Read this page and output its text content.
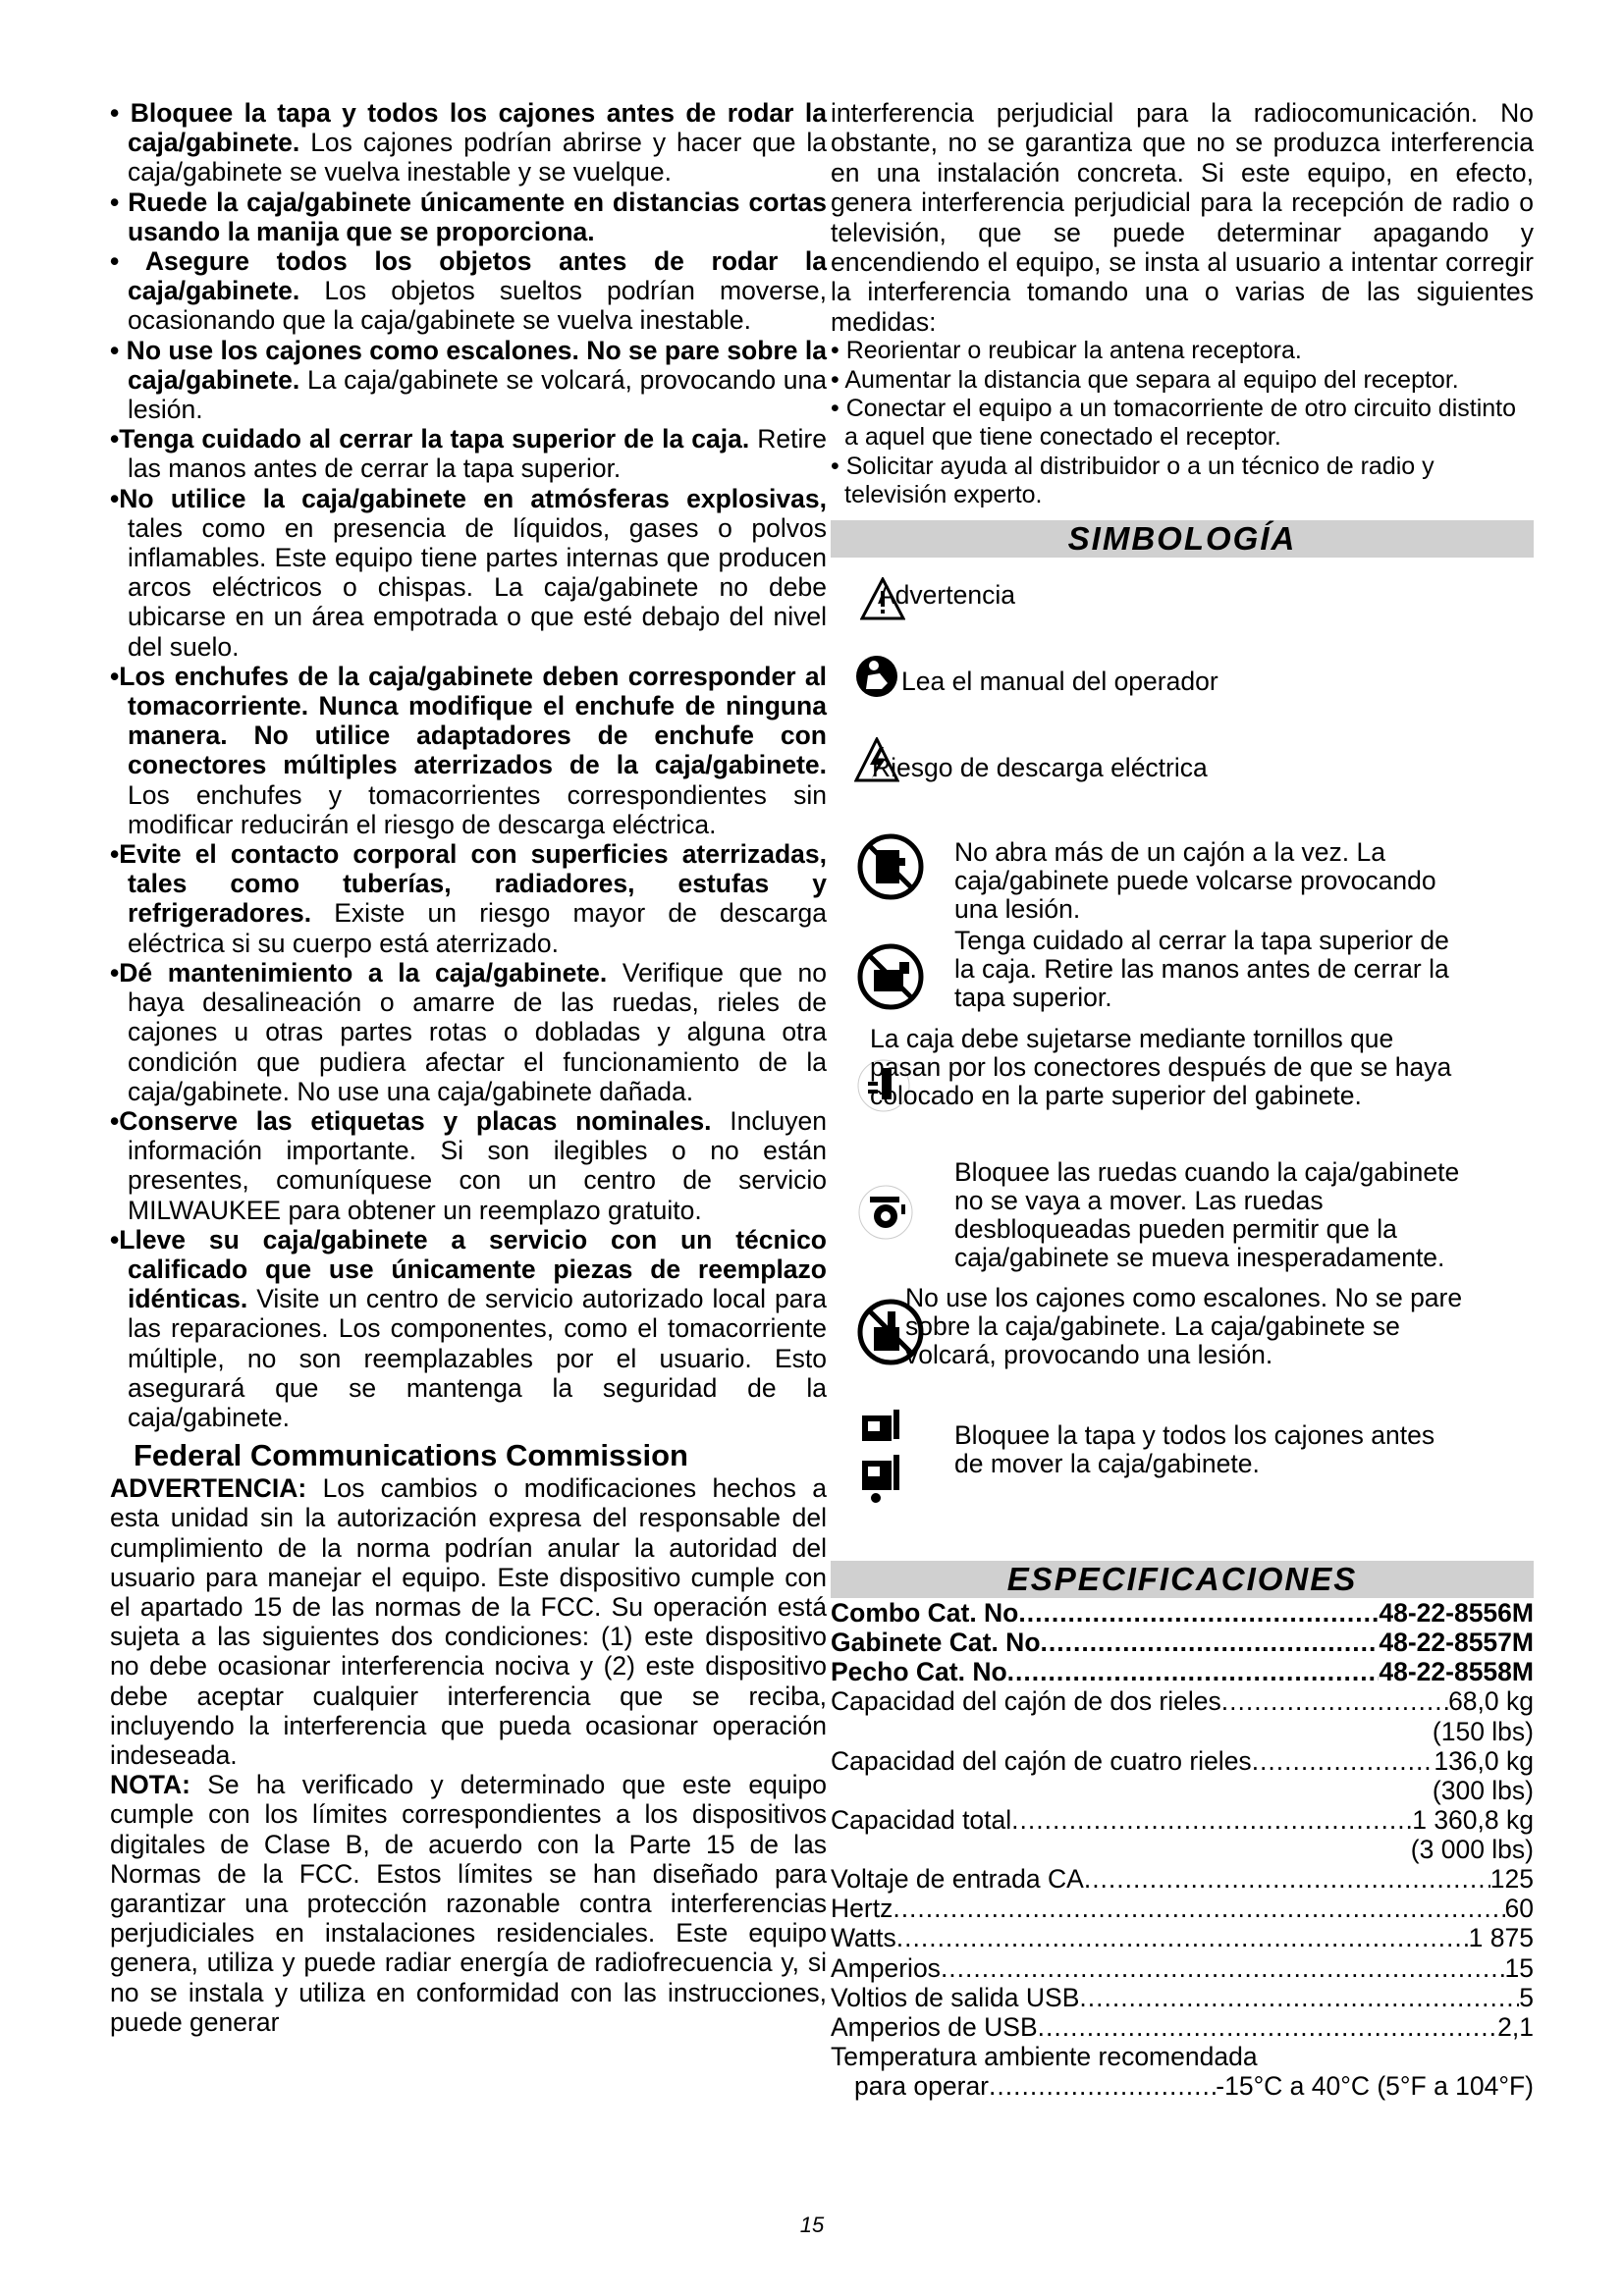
• Bloquee la tapa y todos los cajones antes de rodar la caja/gabinete. Los cajones podrían abrirse y hacer que la caja/gabinete se vuelva inestable y se vuelque.

• Ruede la caja/gabinete únicamente en distancias cortas usando la manija que se proporciona.

• Asegure todos los objetos antes de rodar la caja/gabinete. Los objetos sueltos podrían moverse, ocasionando que la caja/gabinete se vuelva inestable.

• No use los cajones como escalones. No se pare sobre la caja/gabinete. La caja/gabinete se volcará, provocando una lesión.

•Tenga cuidado al cerrar la tapa superior de la caja. Retire las manos antes de cerrar la tapa superior.

•No utilice la caja/gabinete en atmósferas explosivas, tales como en presencia de líquidos, gases o polvos inflamables. Este equipo tiene partes internas que producen arcos eléctricos o chispas. La caja/gabinete no debe ubicarse en un área empotrada o que esté debajo del nivel del suelo.

•Los enchufes de la caja/gabinete deben corresponder al tomacorriente. Nunca modifique el enchufe de ninguna manera. No utilice adaptadores de enchufe con conectores múltiples aterrizados de la caja/gabinete. Los enchufes y tomacorrientes correspondientes sin modificar reducirán el riesgo de descarga eléctrica.

•Evite el contacto corporal con superficies aterrizadas, tales como tuberías, radiadores, estufas y refrigeradores. Existe un riesgo mayor de descarga eléctrica si su cuerpo está aterrizado.

•Dé mantenimiento a la caja/gabinete. Verifique que no haya desalineación o amarre de las ruedas, rieles de cajones u otras partes rotas o dobladas y alguna otra condición que pudiera afectar el funcionamiento de la caja/gabinete. No use una caja/gabinete dañada.

•Conserve las etiquetas y placas nominales. Incluyen información importante. Si son ilegibles o no están presentes, comuníquese con un centro de servicio MILWAUKEE para obtener un reemplazo gratuito.

•Lleve su caja/gabinete a servicio con un técnico calificado que use únicamente piezas de reemplazo idénticas. Visite un centro de servicio autorizado local para las reparaciones. Los componentes, como el tomacorriente múltiple, no son reemplazables por el usuario. Esto asegurará que se mantenga la seguridad de la caja/gabinete.

Federal Communications Commission

ADVERTENCIA: Los cambios o modificaciones hechos a esta unidad sin la autorización expresa del responsable del cumplimiento de la norma podrían anular la autoridad del usuario para manejar el equipo. Este dispositivo cumple con el apartado 15 de las normas de la FCC. Su operación está sujeta a las siguientes dos condiciones: (1) este dispositivo no debe ocasionar interferencia nociva y (2) este dispositivo debe aceptar cualquier interferencia que se reciba, incluyendo la interferencia que pueda ocasionar operación indeseada.

NOTA: Se ha verificado y determinado que este equipo cumple con los límites correspondientes a los dispositivos digitales de Clase B, de acuerdo con la Parte 15 de las Normas de la FCC. Estos límites se han diseñado para garantizar una protección razonable contra interferencias perjudiciales en instalaciones residenciales. Este equipo genera, utiliza y puede radiar energía de radiofrecuencia y, si no se instala y utiliza en conformidad con las instrucciones, puede generar

interferencia perjudicial para la radiocomunicación. No obstante, no se garantiza que no se produzca interferencia en una instalación concreta. Si este equipo, en efecto, genera interferencia perjudicial para la recepción de radio o televisión, que se puede determinar apagando y encendiendo el equipo, se insta al usuario a intentar corregir la interferencia tomando una o varias de las siguientes medidas:

• Reorientar o reubicar la antena receptora.

• Aumentar la distancia que separa al equipo del receptor.

• Conectar el equipo a un tomacorriente de otro circuito distinto a aquel que tiene conectado el receptor.

• Solicitar ayuda al distribuidor o a un técnico de radio y televisión experto.

SIMBOLOGÍA
Advertencia
Lea el manual del operador
Riesgo de descarga eléctrica
No abra más de un cajón a la vez. La caja/gabinete puede volcarse provocando una lesión.
Tenga cuidado al cerrar la tapa superior de la caja. Retire las manos antes de cerrar la tapa superior.
La caja debe sujetarse mediante tornillos que pasan por los conectores después de que se haya colocado en la parte superior del gabinete.
Bloquee las ruedas cuando la caja/gabinete no se vaya a mover. Las ruedas desbloqueadas pueden permitir que la caja/gabinete se mueva inesperadamente.
No use los cajones como escalones. No se pare sobre la caja/gabinete. La caja/gabinete se volcará, provocando una lesión.
Bloquee la tapa y todos los cajones antes de mover la caja/gabinete.
ESPECIFICACIONES
Combo Cat. No .....	48-22-8556M
Gabinete Cat. No .....	48-22-8557M
Pecho Cat. No .....	48-22-8558M
Capacidad del cajón de dos rieles .....	68,0 kg
(150 lbs)
Capacidad del cajón de cuatro rieles .....	136,0 kg
(300 lbs)
Capacidad total .....	1 360,8 kg
(3 000 lbs)
Voltaje de entrada CA .....	125
Hertz .....	60
Watts .....	1 875
Amperios .....	15
Voltios de salida USB .....	5
Amperios de USB .....	2,1
Temperatura ambiente recomendada
para operar .....	-15°C a 40°C (5°F a 104°F)
15
